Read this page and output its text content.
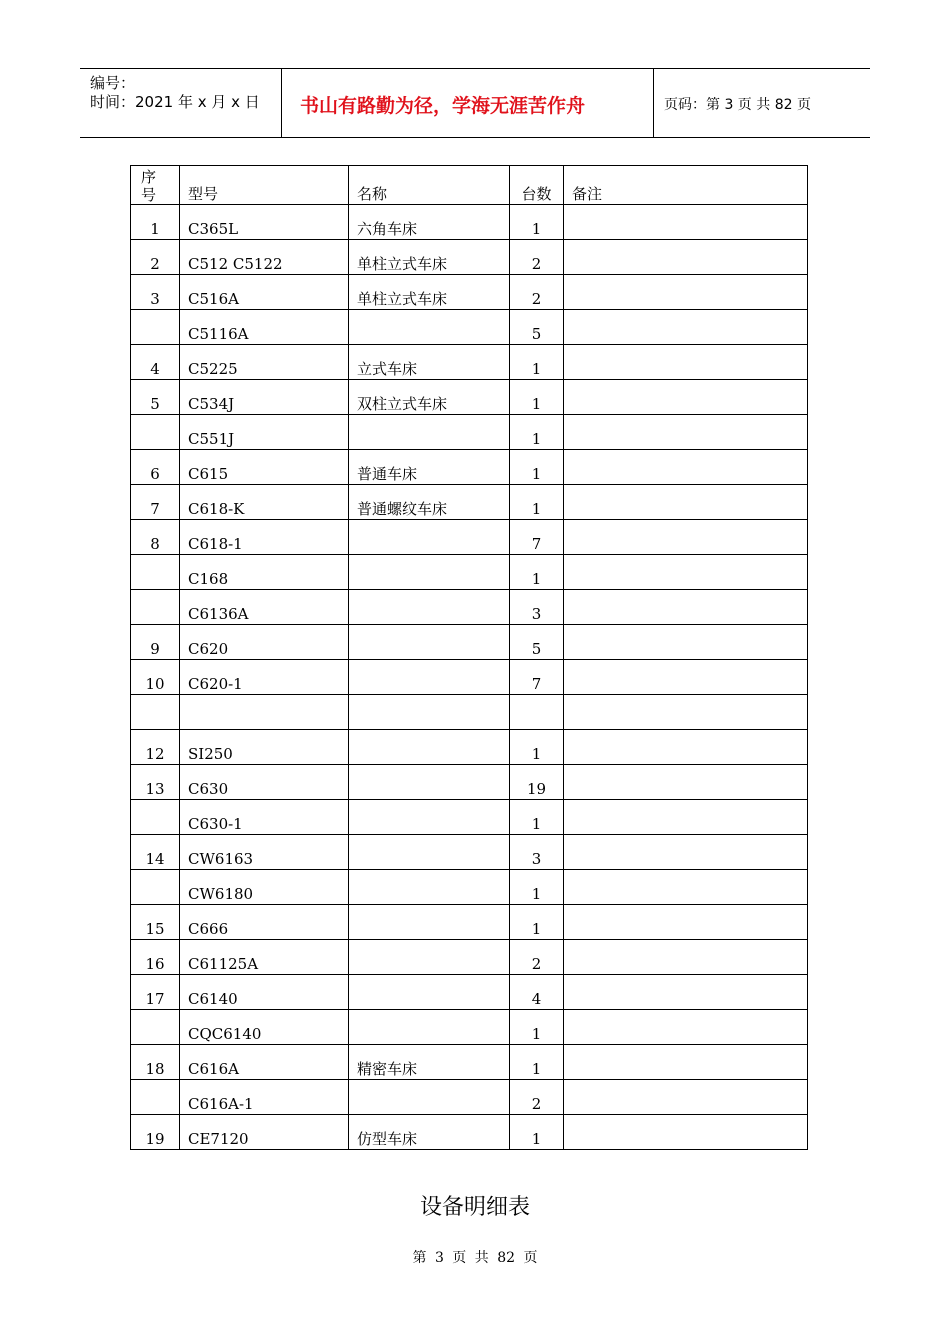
编号：
时间：2021 年 x 月 x 日 书山有路勤为径，学海无涯苦作舟	页码：第 3 页 共 82 页
序
号	型号	名称	台数	备注

1	C365L	六角车床	1	

2	C512 C5122	单柱立式车床	2	

3	C516A	单柱立式车床	2	

	C5116A		5	

4	C5225	立式车床	1	

5	C534J	双柱立式车床	1	

	C551J		1	

6	C615	普通车床	1	

7	C618-K	普通螺纹车床	1	

8	C618-1		7	

	C168		1	

	C6136A		3	

9	C620		5	

10	C620-1		7	

12	SI250		1	

13	C630		19	

	C630-1		1	

14	CW6163		3	

	CW6180		1	

15	C666		1	

16	C61125A		2	

17	C6140		4	

	CQC6140		1	

18	C616A	精密车床	1	

	C616A-1		2	

19	CE7120	仿型车床	1	

设备明细表
第 3 页 共 82 页
